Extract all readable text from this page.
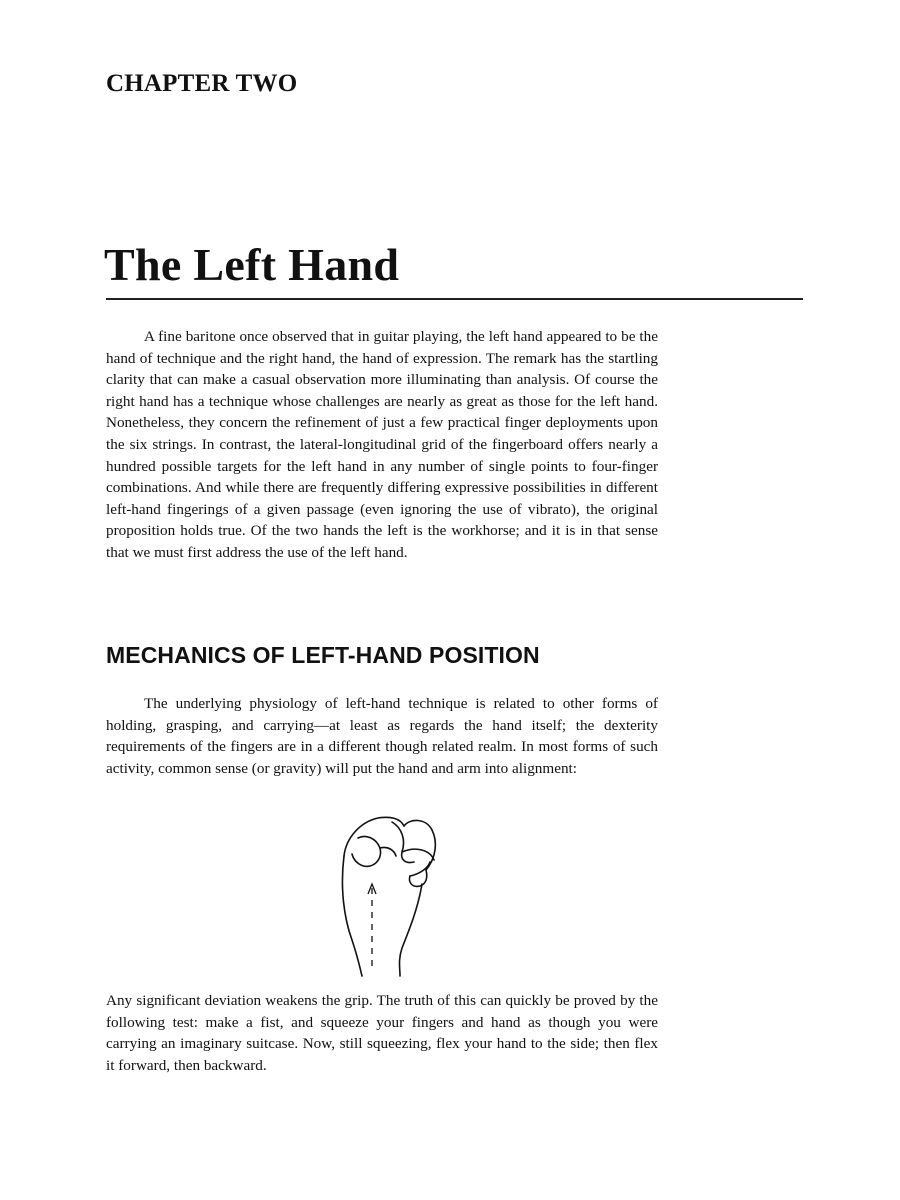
CHAPTER TWO
The Left Hand

A fine baritone once observed that in guitar playing, the left hand appeared to be the hand of technique and the right hand, the hand of expression. The remark has the startling clarity that can make a casual observation more illuminating than analysis. Of course the right hand has a technique whose challenges are nearly as great as those for the left hand. Nonetheless, they concern the refinement of just a few practical finger deployments upon the six strings. In contrast, the lateral-longitudinal grid of the fingerboard offers nearly a hundred possible targets for the left hand in any number of single points to four-finger combinations. And while there are frequently differing expressive possibilities in different left-hand fingerings of a given passage (even ignoring the use of vibrato), the original proposition holds true. Of the two hands the left is the workhorse; and it is in that sense that we must first address the use of the left hand.

MECHANICS OF LEFT-HAND POSITION

The underlying physiology of left-hand technique is related to other forms of holding, grasping, and carrying—at least as regards the hand itself; the dexterity requirements of the fingers are in a different though related realm. In most forms of such activity, common sense (or gravity) will put the hand and arm into alignment:

Any significant deviation weakens the grip. The truth of this can quickly be proved by the following test: make a fist, and squeeze your fingers and hand as though you were carrying an imaginary suitcase. Now, still squeezing, flex your hand to the side; then flex it forward, then backward.
